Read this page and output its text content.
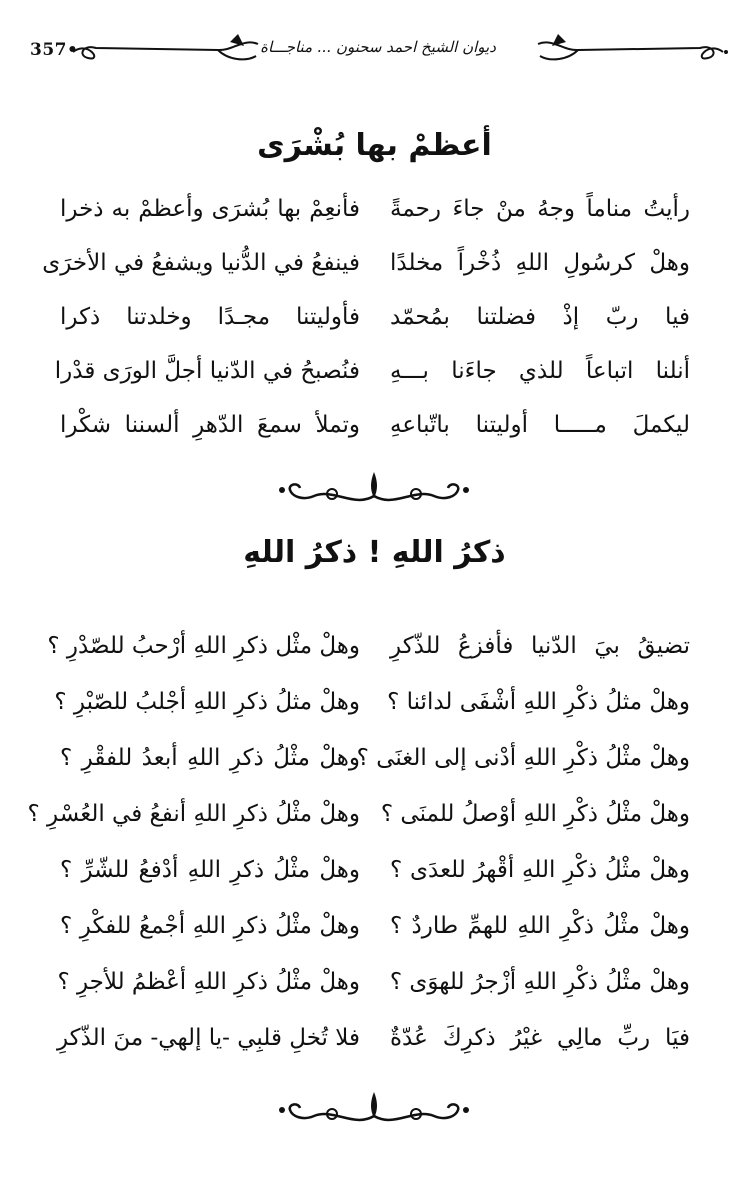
357•	ديوان الشيخ احمد سحنون ... مناجـــاة
أعظمْ بها بُشْرَى
رأيتُ مناماً وجهُ منْ جاءَ رحمةً
فأنعِمْ بها بُشرَى وأعظمْ به ذخرا
وهلْ كرسُولِ اللهِ ذُخْراً مخلدًا
فينفعُ في الدُّنيا ويشفعُ في الأخرَى
فيا ربّ إذْ فضلتنا بمُحمّد
فأوليتنا مجـدًا وخلدتنا ذكرا
أنلنا اتباعاً للذي جاءَنا بـــهِ
فنُصبحُ في الدّنيا أجلَّ الورَى قدْرا
ليكملَ مـــــا أوليتنا باتّباعهِ
وتملأ سمعَ الدّهرِ ألسننا شكْرا
ذكرُ اللهِ ! ذكرُ اللهِ
تضيقُ بيَ الدّنيا فأفزعُ للذّكرِ
وهلْ مثْل ذكرِ اللهِ أرْحبُ للصّدْرِ ؟
وهلْ مثلُ ذكْرِ اللهِ أشْفَى لدائنا ؟
وهلْ مثلُ ذكرِ اللهِ أجْلبُ للصّبْرِ ؟
وهلْ مثْلُ ذكْرِ اللهِ أدْنى إلى الغنَى ؟
وهلْ مثْلُ ذكرِ اللهِ أبعدُ للفقْرِ ؟
وهلْ مثْلُ ذكْرِ اللهِ أوْصلُ للمنَى ؟
وهلْ مثْلُ ذكرِ اللهِ أنفعُ في العُسْرِ ؟
وهلْ مثْلُ ذكْرِ اللهِ أقْهرُ للعدَى ؟
وهلْ مثْلُ ذكرِ اللهِ أدْفعُ للشّرِّ ؟
وهلْ مثْلُ ذكْرِ اللهِ للهمِّ طاردٌ ؟
وهلْ مثْلُ ذكرِ اللهِ أجْمعُ للفكْرِ ؟
وهلْ مثْلُ ذكْرِ اللهِ أزْجرُ للهوَى ؟
وهلْ مثْلُ ذكرِ اللهِ أعْظمُ للأجرِ ؟
فيَا ربِّ مالِي غيْرُ ذكرِكَ عُدّةٌ
فلا تُخلِ قلبِي -يا إلهي- منَ الذّكرِ
